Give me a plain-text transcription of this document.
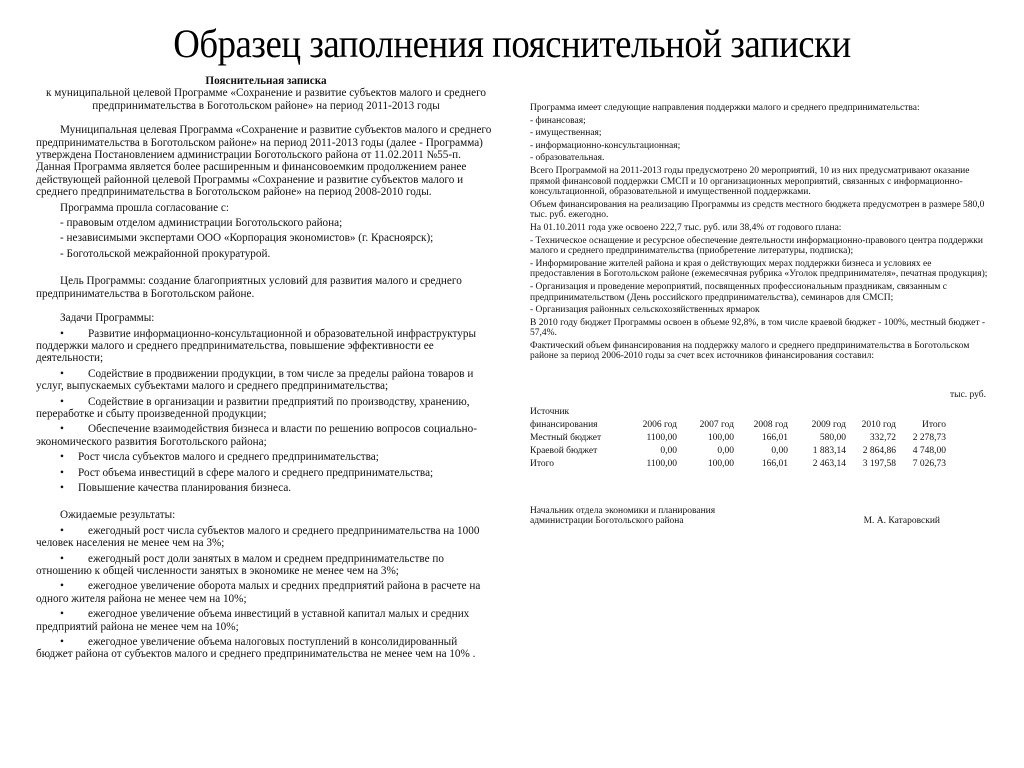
Образец заполнения пояснительной записки

Пояснительная записка

к муниципальной целевой Программе «Сохранение и развитие субъектов малого и среднего предпринимательства в Боготольском районе» на период 2011-2013 годы

Муниципальная целевая Программа «Сохранение и развитие субъектов малого и среднего предпринимательства в Боготольском районе» на период 2011-2013 годы (далее - Программа) утверждена Постановлением администрации Боготольского района от 11.02.2011 №55-п. Данная Программа является более расширенным и финансовоемким продолжением ранее действующей районной целевой Программы «Сохранение и развитие субъектов малого и среднего предпринимательства в Боготольском районе» на период 2008-2010 годы.

Программа прошла согласование с:

- правовым отделом администрации Боготольского района;

- независимыми экспертами ООО «Корпорация экономистов» (г. Красноярск);

- Боготольской межрайонной прокуратурой.

Цель Программы: создание благоприятных условий для развития малого и среднего предпринимательства в Боготольском районе.

Задачи Программы:

• Развитие информационно-консультационной и образовательной инфраструктуры поддержки малого и среднего предпринимательства, повышение эффективности ее деятельности;

• Содействие в продвижении продукции, в том числе за пределы района товаров и услуг, выпускаемых субъектами малого и среднего предпринимательства;

• Содействие в организации и развитии предприятий по производству, хранению, переработке и сбыту произведенной продукции;

• Обеспечение взаимодействия бизнеса и власти по решению вопросов социально-экономического развития Боготольского района;

• Рост числа субъектов малого и среднего предпринимательства;

• Рост объема инвестиций в сфере малого и среднего предпринимательства;

• Повышение качества планирования бизнеса.

Ожидаемые результаты:

• ежегодный рост числа субъектов малого и среднего предпринимательства на 1000 человек населения не менее чем на 3%;

• ежегодный рост доли занятых в малом и среднем предпринимательстве по отношению к общей численности занятых в экономике не менее чем на 3%;

• ежегодное увеличение оборота малых и средних предприятий района в расчете на одного жителя района не менее чем на 10%;

• ежегодное увеличение объема инвестиций в уставной капитал малых и средних предприятий района не менее чем на 10%;

• ежегодное увеличение объема налоговых поступлений в консолидированный бюджет района от субъектов малого и среднего предпринимательства не менее чем на 10% .

Программа имеет следующие направления поддержки малого и среднего предпринимательства:

- финансовая;

- имущественная;

- информационно-консультационная;

- образовательная.

Всего Программой на 2011-2013 годы предусмотрено 20 мероприятий, 10 из них предусматривают оказание прямой финансовой поддержки СМСП и 10 организационных мероприятий, связанных с информационно-консультационной, образовательной и имущественной поддержками.

Объем финансирования на реализацию Программы из средств местного бюджета предусмотрен в размере 580,0 тыс. руб. ежегодно.

На 01.10.2011 года уже освоено 222,7 тыс. руб. или 38,4% от годового плана:

- Техническое оснащение и ресурсное обеспечение деятельности информационно-правового центра поддержки малого и среднего предпринимательства (приобретение литературы, подписка);

- Информирование жителей района и края о действующих мерах поддержки бизнеса и условиях ее предоставления в Боготольском районе (ежемесячная рубрика «Уголок предпринимателя», печатная продукция);

- Организация и проведение мероприятий, посвященных профессиональным праздникам, связанным с предпринимательством (День российского предпринимательства), семинаров для СМСП;

- Организация районных сельскохозяйственных ярмарок

В 2010 году бюджет Программы освоен в объеме 92,8%, в том числе краевой бюджет - 100%, местный бюджет - 57,4%.

Фактический объем финансирования на поддержку малого и среднего предпринимательства в Боготольском районе за период 2006-2010 годы за счет всех источников финансирования составил:

тыс. руб.
Источник						
финансирования	2006 год	2007 год	2008 год	2009 год	2010 год	Итого
Местный бюджет	1100,00	100,00	166,01	580,00	332,72	2 278,73
Краевой бюджет	0,00	0,00	0,00	1 883,14	2 864,86	4 748,00
Итого	1100,00	100,00	166,01	2 463,14	3 197,58	7 026,73
Начальник отдела экономики и планирования
администрации Боготольского района	М. А. Катаровский
